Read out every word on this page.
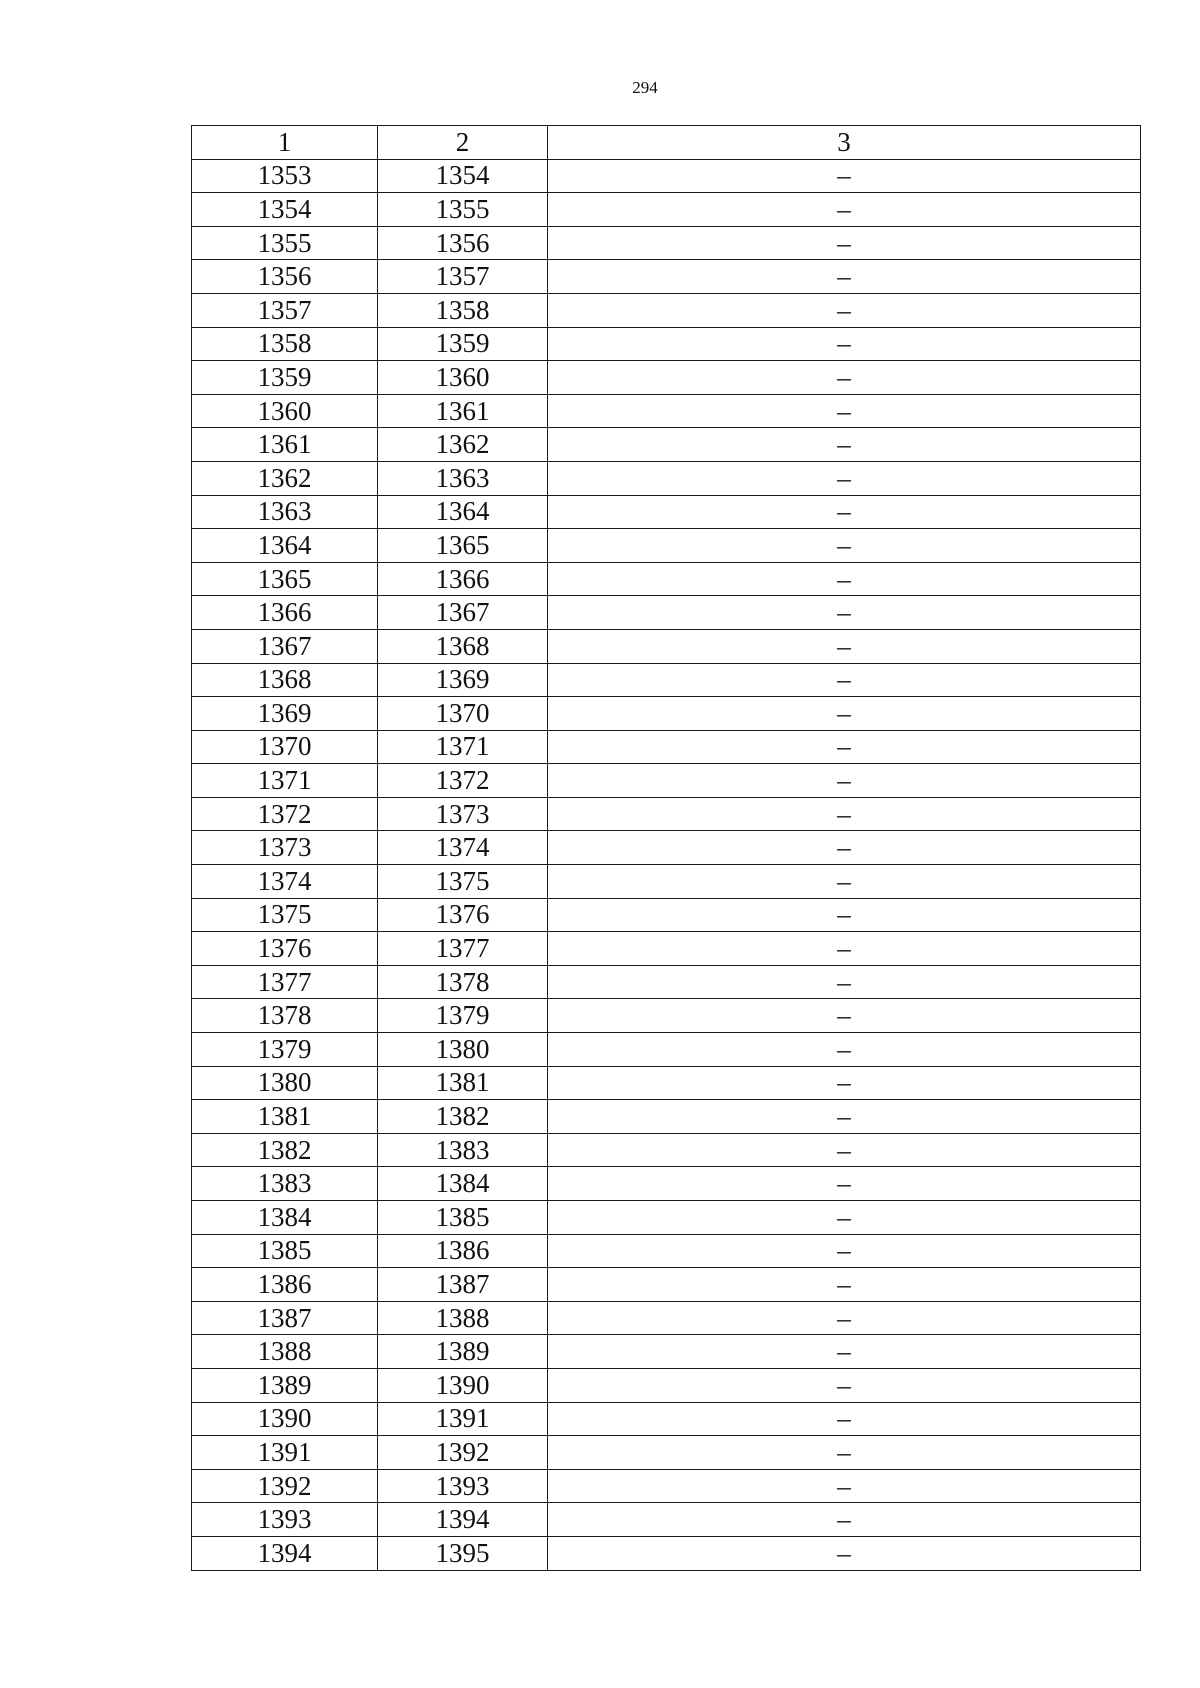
294
1	2	3
1353	1354	–
1354	1355	–
1355	1356	–
1356	1357	–
1357	1358	–
1358	1359	–
1359	1360	–
1360	1361	–
1361	1362	–
1362	1363	–
1363	1364	–
1364	1365	–
1365	1366	–
1366	1367	–
1367	1368	–
1368	1369	–
1369	1370	–
1370	1371	–
1371	1372	–
1372	1373	–
1373	1374	–
1374	1375	–
1375	1376	–
1376	1377	–
1377	1378	–
1378	1379	–
1379	1380	–
1380	1381	–
1381	1382	–
1382	1383	–
1383	1384	–
1384	1385	–
1385	1386	–
1386	1387	–
1387	1388	–
1388	1389	–
1389	1390	–
1390	1391	–
1391	1392	–
1392	1393	–
1393	1394	–
1394	1395	–
